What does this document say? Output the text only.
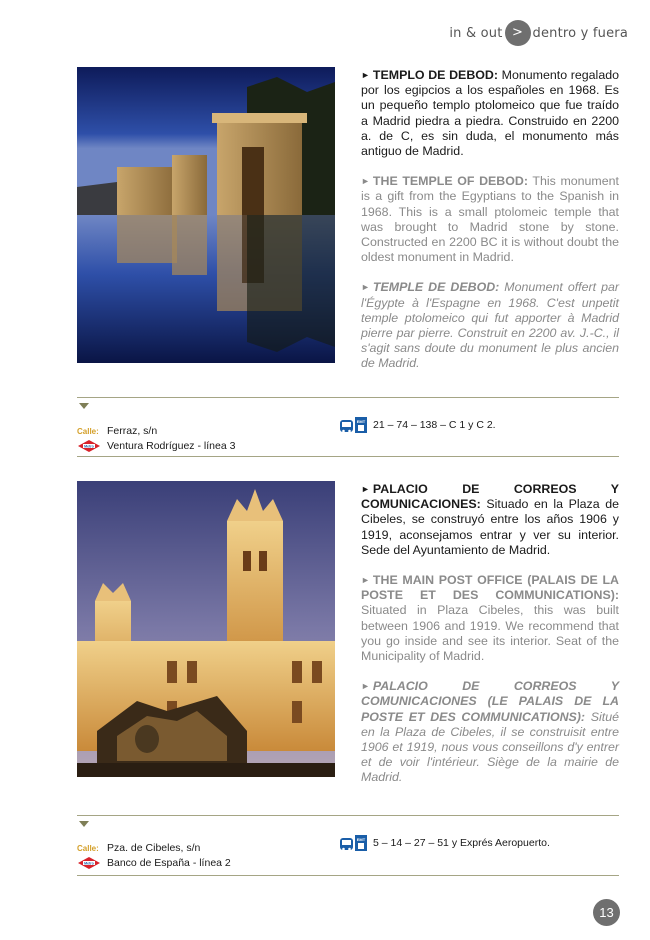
in & out > dentro y fuera

► TEMPLO DE DEBOD: Monumento regalado por los egipcios a los españoles en 1968. Es un pequeño templo ptolomeico que fue traído a Madrid piedra a piedra. Construido en 2200 a. de C, es sin duda, el monumento más antiguo de Madrid.

► THE TEMPLE OF DEBOD: This monument is a gift from the Egyptians to the Spanish in 1968. This is a small ptolomeic temple that was brought to Madrid stone by stone. Constructed en 2200 BC it is without doubt the oldest monument in Madrid.

► TEMPLE DE DEBOD: Monument offert par l'Égypte à l'Espagne en 1968. C'est unpetit temple ptolomeico qui fut apporter à Madrid pierre par pierre. Construit en 2200 av. J.-C., il s'agit sans doute du monument le plus ancien de Madrid.

Calle: Ferraz, s/n
Metro Ventura Rodríguez - línea 3
EMT 21 – 74 – 138 – C 1 y C 2.

► PALACIO DE CORREOS Y COMUNICACIONES: Situado en la Plaza de Cibeles, se construyó entre los años 1906 y 1919, aconsejamos entrar y ver su interior. Sede del Ayuntamiento de Madrid.

► THE MAIN POST OFFICE (PALAIS DE LA POSTE ET DES COMMUNICATIONS): Situated in Plaza Cibeles, this was built between 1906 and 1919. We recommend that you go inside and see its interior. Seat of the Municipality of Madrid.

► PALACIO DE CORREOS Y COMUNICACIONES (LE PALAIS DE LA POSTE ET DES COMMUNICATIONS): Situé en la Plaza de Cibeles, il se construisit entre 1906 et 1919, nous vous conseillons d'y entrer et de voir l'intérieur. Siège de la mairie de Madrid.

Calle: Pza. de Cibeles, s/n
Metro Banco de España - línea 2
EMT 5 – 14 – 27 – 51 y Exprés Aeropuerto.
13
